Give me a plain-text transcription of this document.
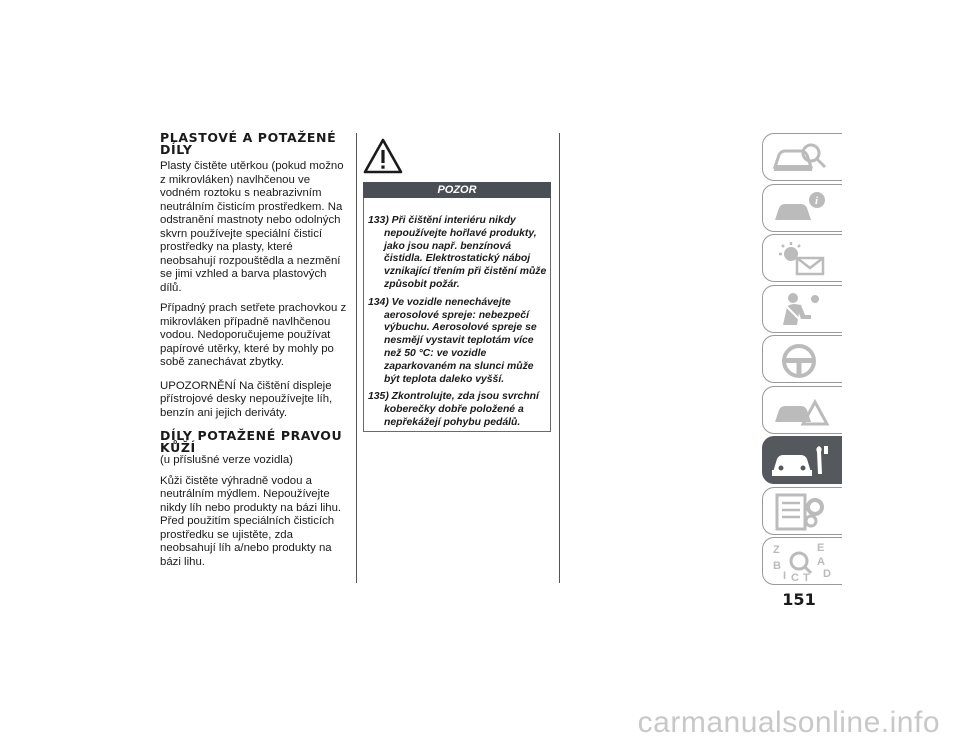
PLASTOVÉ A POTAŽENÉ DÍLY
Plasty čistěte utěrkou (pokud možno z mikrovláken) navlhčenou ve vodném roztoku s neabrazivním neutrálním čisticím prostředkem. Na odstranění mastnoty nebo odolných skvrn používejte speciální čisticí prostředky na plasty, které neobsahují rozpouštědla a nezmění se jimi vzhled a barva plastových dílů.
Případný prach setřete prachovkou z mikrovláken případně navlhčenou vodou. Nedoporučujeme používat papírové utěrky, které by mohly po sobě zanechávat zbytky.
UPOZORNĚNÍ Na čištění displeje přístrojové desky nepoužívejte líh, benzín ani jejich deriváty.
DÍLY POTAŽENÉ PRAVOU KŮŽÍ
(u příslušné verze vozidla)
Kůži čistěte výhradně vodou a neutrálním mýdlem. Nepoužívejte nikdy líh nebo produkty na bázi lihu. Před použitím speciálních čisticích prostředku se ujistěte, zda neobsahují líh a/nebo produkty na bázi lihu.
POZOR
133) Při čištění interiéru nikdy nepoužívejte hořlavé produkty, jako jsou např. benzínová čistidla. Elektrostatický náboj vznikající třením při čistění může způsobit požár.
134) Ve vozidle nenechávejte aerosolové spreje: nebezpečí výbuchu. Aerosolové spreje se nesmějí vystavit teplotám více než 50 °C: ve vozidle zaparkovaném na slunci může být teplota daleko vyšší.
135) Zkontrolujte, zda jsou svrchní koberečky dobře položené a nepřekážejí pohybu pedálů.
i
Z	E
B	A
I C T D
151
carmanualsonline.info
